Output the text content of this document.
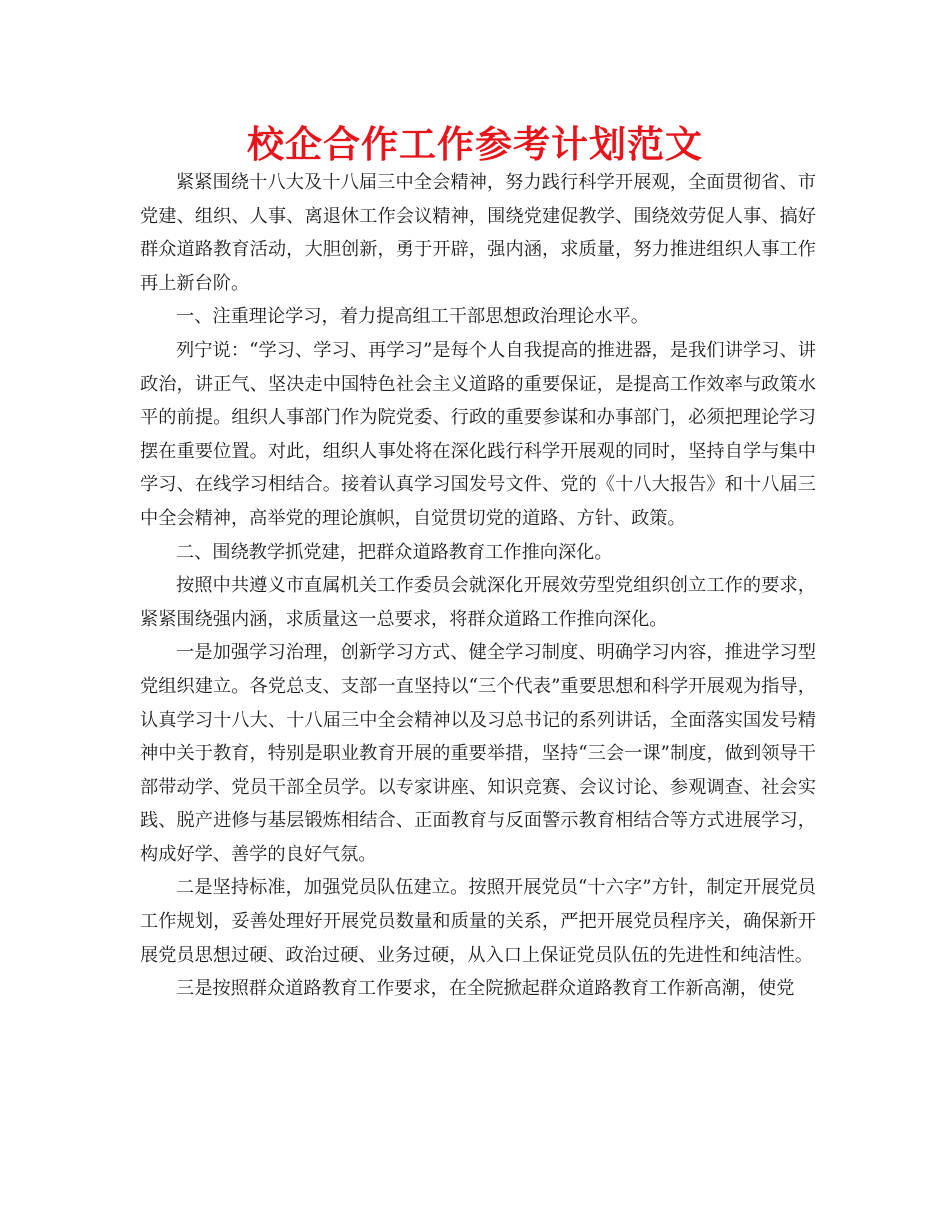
校企合作工作参考计划范文

紧紧围绕十八大及十八届三中全会精神，努力践行科学开展观，全面贯彻省、市党建、组织、人事、离退休工作会议精神，围绕党建促教学、围绕效劳促人事、搞好群众道路教育活动，大胆创新，勇于开辟，强内涵，求质量，努力推进组织人事工作再上新台阶。

一、注重理论学习，着力提高组工干部思想政治理论水平。

列宁说：“学习、学习、再学习”是每个人自我提高的推进器，是我们讲学习、讲政治，讲正气、坚决走中国特色社会主义道路的重要保证，是提高工作效率与政策水平的前提。组织人事部门作为院党委、行政的重要参谋和办事部门，必须把理论学习摆在重要位置。对此，组织人事处将在深化践行科学开展观的同时，坚持自学与集中学习、在线学习相结合。接着认真学习国发号文件、党的《十八大报告》和十八届三中全会精神，高举党的理论旗帜，自觉贯切党的道路、方针、政策。

二、围绕教学抓党建，把群众道路教育工作推向深化。

按照中共遵义市直属机关工作委员会就深化开展效劳型党组织创立工作的要求，紧紧围绕强内涵，求质量这一总要求，将群众道路工作推向深化。

一是加强学习治理，创新学习方式、健全学习制度、明确学习内容，推进学习型党组织建立。各党总支、支部一直坚持以“三个代表”重要思想和科学开展观为指导，认真学习十八大、十八届三中全会精神以及习总书记的系列讲话，全面落实国发号精神中关于教育，特别是职业教育开展的重要举措，坚持“三会一课”制度，做到领导干部带动学、党员干部全员学。以专家讲座、知识竞赛、会议讨论、参观调查、社会实践、脱产进修与基层锻炼相结合、正面教育与反面警示教育相结合等方式进展学习，构成好学、善学的良好气氛。

二是坚持标准，加强党员队伍建立。按照开展党员“十六字”方针，制定开展党员工作规划，妥善处理好开展党员数量和质量的关系，严把开展党员程序关，确保新开展党员思想过硬、政治过硬、业务过硬，从入口上保证党员队伍的先进性和纯洁性。

三是按照群众道路教育工作要求，在全院掀起群众道路教育工作新高潮，使党
